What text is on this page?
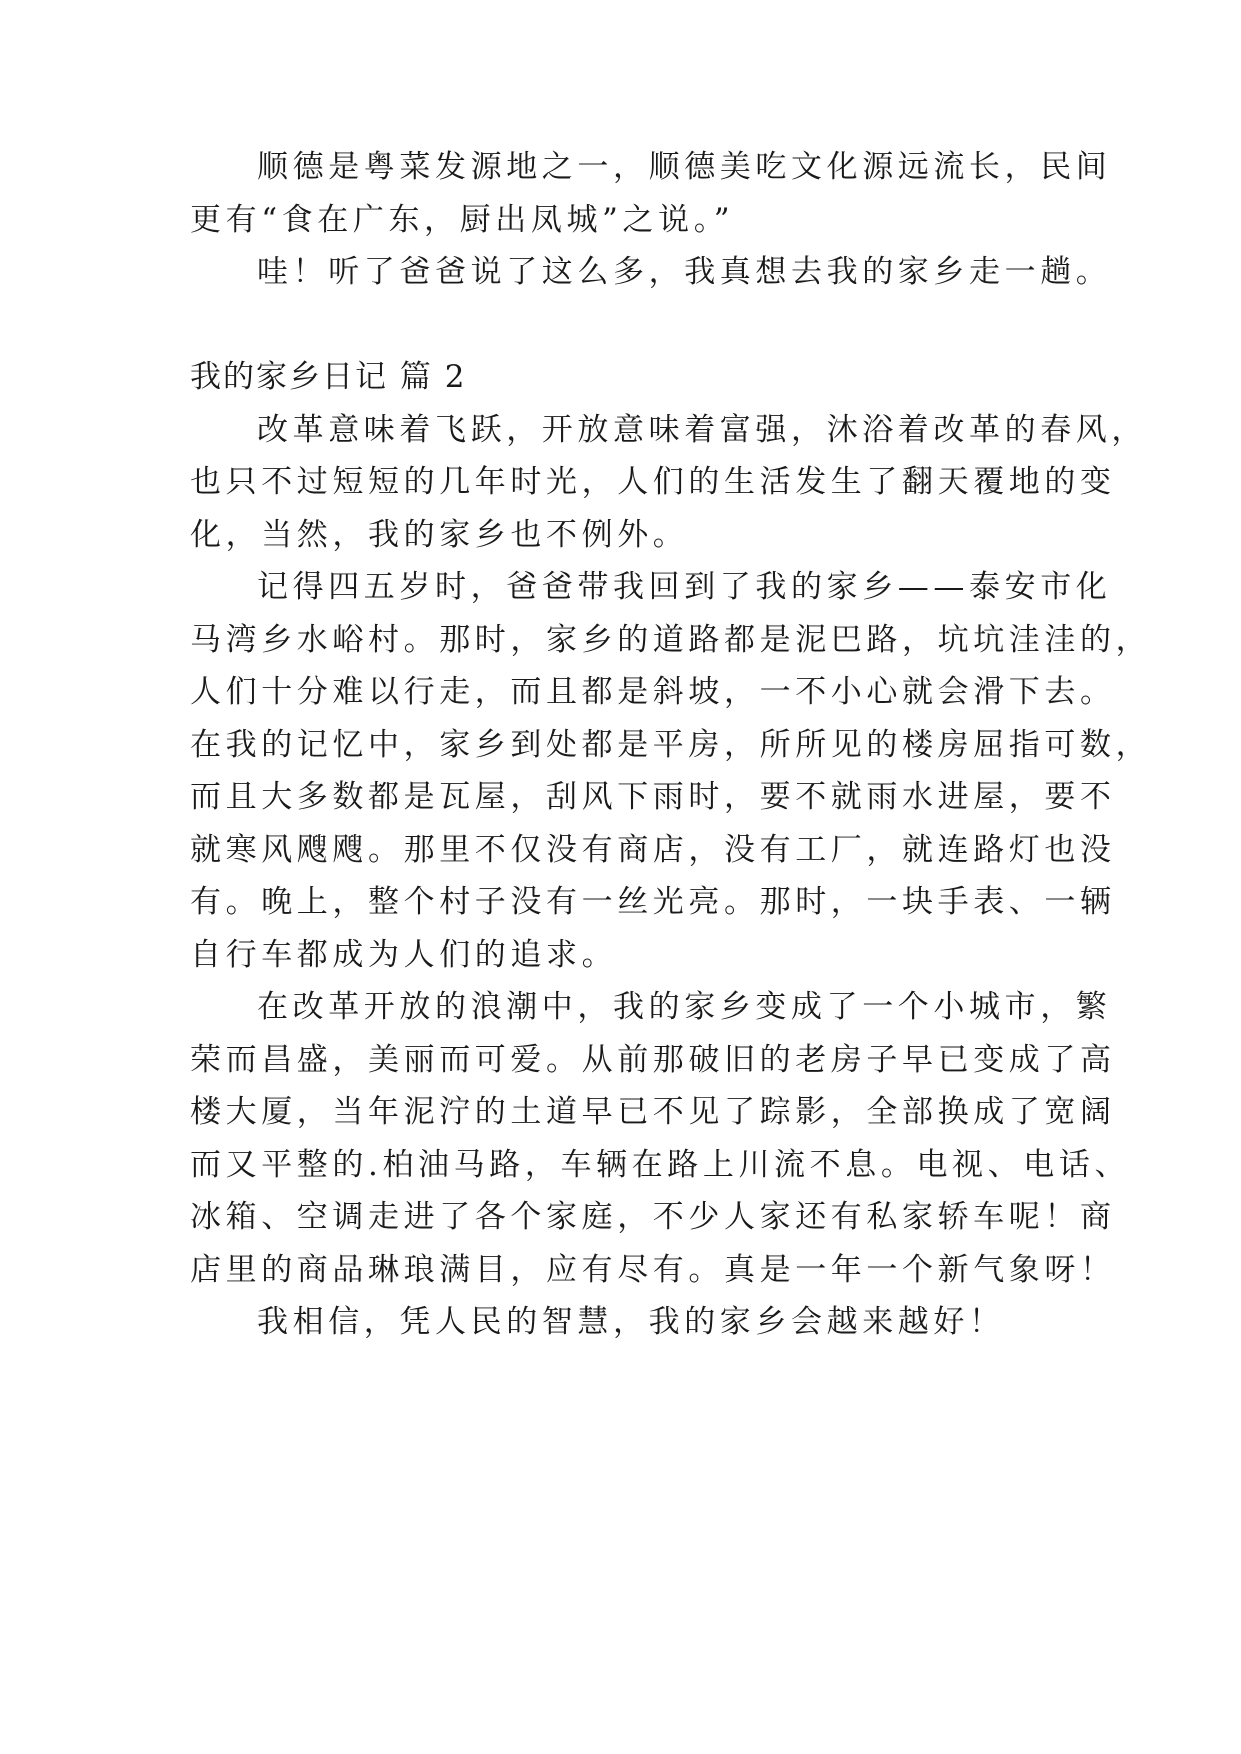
顺德是粤菜发源地之一，顺德美吃文化源远流长，民间
更有“食在广东，厨出凤城”之说。”
哇！听了爸爸说了这么多，我真想去我的家乡走一趟。
我的家乡日记 篇 2
改革意味着飞跃，开放意味着富强，沐浴着改革的春风，
也只不过短短的几年时光，人们的生活发生了翻天覆地的变
化，当然，我的家乡也不例外。
记得四五岁时，爸爸带我回到了我的家乡——泰安市化
马湾乡水峪村。那时，家乡的道路都是泥巴路，坑坑洼洼的，
人们十分难以行走，而且都是斜坡，一不小心就会滑下去。
在我的记忆中，家乡到处都是平房，所所见的楼房屈指可数，
而且大多数都是瓦屋，刮风下雨时，要不就雨水进屋，要不
就寒风飕飕。那里不仅没有商店，没有工厂，就连路灯也没
有。晚上，整个村子没有一丝光亮。那时，一块手表、一辆
自行车都成为人们的追求。
在改革开放的浪潮中，我的家乡变成了一个小城市，繁
荣而昌盛，美丽而可爱。从前那破旧的老房子早已变成了高
楼大厦，当年泥泞的土道早已不见了踪影，全部换成了宽阔
而又平整的.柏油马路，车辆在路上川流不息。电视、电话、
冰箱、空调走进了各个家庭，不少人家还有私家轿车呢！商
店里的商品琳琅满目，应有尽有。真是一年一个新气象呀！
我相信，凭人民的智慧，我的家乡会越来越好！
